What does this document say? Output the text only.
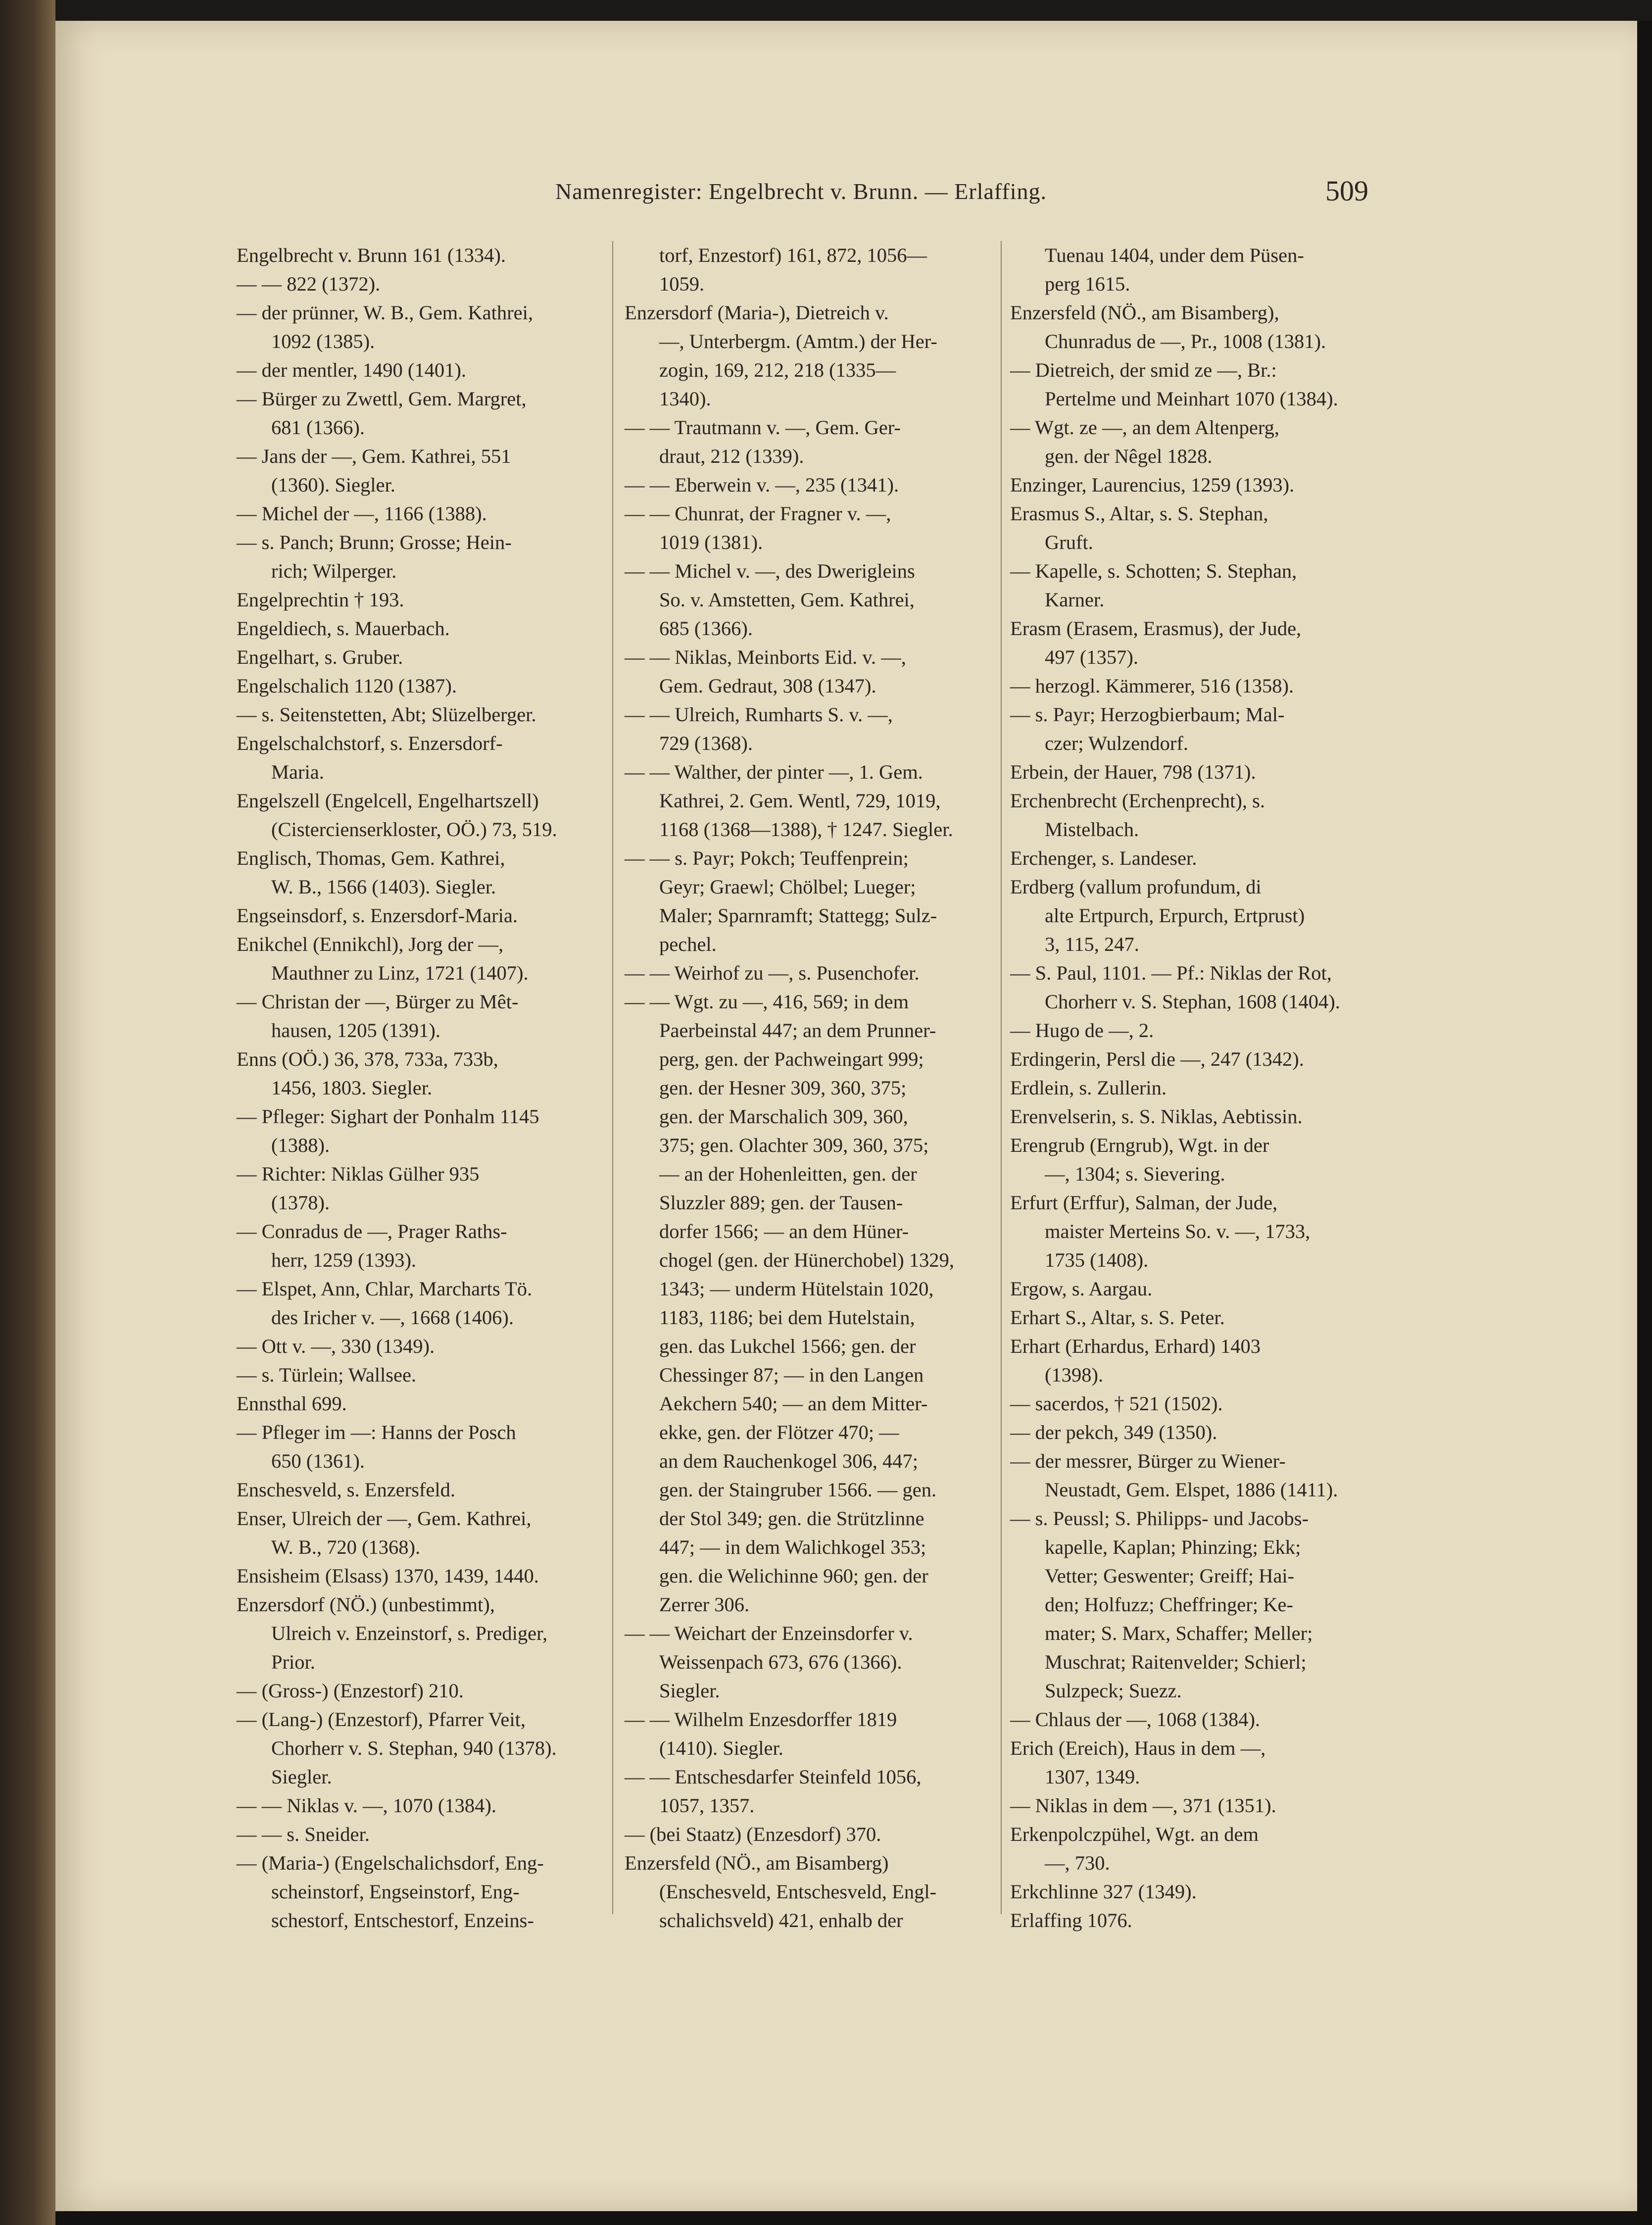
Namenregister: Engelbrecht v. Brunn. — Erlaffing.	509
Engelbrecht v. Brunn 161 (1334).
— — 822 (1372).
— der prünner, W. B., Gem. Kathrei,
1092 (1385).
— der mentler, 1490 (1401).
— Bürger zu Zwettl, Gem. Margret,
681 (1366).
— Jans der —, Gem. Kathrei, 551
(1360). Siegler.
— Michel der —, 1166 (1388).
— s. Panch; Brunn; Grosse; Hein-
rich; Wilperger.
Engelprechtin † 193.
Engeldiech, s. Mauerbach.
Engelhart, s. Gruber.
Engelschalich 1120 (1387).
— s. Seitenstetten, Abt; Slüzelberger.
Engelschalchstorf, s. Enzersdorf-
Maria.
Engelszell (Engelcell, Engelhartszell)
(Cistercienserkloster, OÖ.) 73, 519.
Englisch, Thomas, Gem. Kathrei,
W. B., 1566 (1403). Siegler.
Engseinsdorf, s. Enzersdorf-Maria.
Enikchel (Ennikchl), Jorg der —,
Mauthner zu Linz, 1721 (1407).
— Christan der —, Bürger zu Mêt-
hausen, 1205 (1391).
Enns (OÖ.) 36, 378, 733a, 733b,
1456, 1803. Siegler.
— Pfleger: Sighart der Ponhalm 1145
(1388).
— Richter: Niklas Gülher 935
(1378).
— Conradus de —, Prager Raths-
herr, 1259 (1393).
— Elspet, Ann, Chlar, Marcharts Tö.
des Iricher v. —, 1668 (1406).
— Ott v. —, 330 (1349).
— s. Türlein; Wallsee.
Ennsthal 699.
— Pfleger im —: Hanns der Posch
650 (1361).
Enschesveld, s. Enzersfeld.
Enser, Ulreich der —, Gem. Kathrei,
W. B., 720 (1368).
Ensisheim (Elsass) 1370, 1439, 1440.
Enzersdorf (NÖ.) (unbestimmt),
Ulreich v. Enzeinstorf, s. Prediger,
Prior.
— (Gross-) (Enzestorf) 210.
— (Lang-) (Enzestorf), Pfarrer Veit,
Chorherr v. S. Stephan, 940 (1378).
Siegler.
— — Niklas v. —, 1070 (1384).
— — s. Sneider.
— (Maria-) (Engelschalichsdorf, Eng-
scheinstorf, Engseinstorf, Eng-
schestorf, Entschestorf, Enzeins-
torf, Enzestorf) 161, 872, 1056—
1059.
Enzersdorf (Maria-), Dietreich v.
—, Unterbergm. (Amtm.) der Her-
zogin, 169, 212, 218 (1335—
1340).
— — Trautmann v. —, Gem. Ger-
draut, 212 (1339).
— — Eberwein v. —, 235 (1341).
— — Chunrat, der Fragner v. —,
1019 (1381).
— — Michel v. —, des Dwerigleins
So. v. Amstetten, Gem. Kathrei,
685 (1366).
— — Niklas, Meinborts Eid. v. —,
Gem. Gedraut, 308 (1347).
— — Ulreich, Rumharts S. v. —,
729 (1368).
— — Walther, der pinter —, 1. Gem.
Kathrei, 2. Gem. Wentl, 729, 1019,
1168 (1368—1388), † 1247. Siegler.
— — s. Payr; Pokch; Teuffenprein;
Geyr; Graewl; Chölbel; Lueger;
Maler; Sparnramft; Stattegg; Sulz-
pechel.
— — Weirhof zu —, s. Pusenchofer.
— — Wgt. zu —, 416, 569; in dem
Paerbeinstal 447; an dem Prunner-
perg, gen. der Pachweingart 999;
gen. der Hesner 309, 360, 375;
gen. der Marschalich 309, 360,
375; gen. Olachter 309, 360, 375;
— an der Hohenleitten, gen. der
Sluzzler 889; gen. der Tausen-
dorfer 1566; — an dem Hüner-
chogel (gen. der Hünerchobel) 1329,
1343; — underm Hütelstain 1020,
1183, 1186; bei dem Hutelstain,
gen. das Lukchel 1566; gen. der
Chessinger 87; — in den Langen
Aekchern 540; — an dem Mitter-
ekke, gen. der Flötzer 470; —
an dem Rauchenkogel 306, 447;
gen. der Staingruber 1566. — gen.
der Stol 349; gen. die Strützlinne
447; — in dem Walichkogel 353;
gen. die Welichinne 960; gen. der
Zerrer 306.
— — Weichart der Enzeinsdorfer v.
Weissenpach 673, 676 (1366).
Siegler.
— — Wilhelm Enzesdorffer 1819
(1410). Siegler.
— — Entschesdarfer Steinfeld 1056,
1057, 1357.
— (bei Staatz) (Enzesdorf) 370.
Enzersfeld (NÖ., am Bisamberg)
(Enschesveld, Entschesveld, Engl-
schalichsveld) 421, enhalb der
Tuenau 1404, under dem Püsen-
perg 1615.
Enzersfeld (NÖ., am Bisamberg),
Chunradus de —, Pr., 1008 (1381).
— Dietreich, der smid ze —, Br.:
Pertelme und Meinhart 1070 (1384).
— Wgt. ze —, an dem Altenperg,
gen. der Nêgel 1828.
Enzinger, Laurencius, 1259 (1393).
Erasmus S., Altar, s. S. Stephan,
Gruft.
— Kapelle, s. Schotten; S. Stephan,
Karner.
Erasm (Erasem, Erasmus), der Jude,
497 (1357).
— herzogl. Kämmerer, 516 (1358).
— s. Payr; Herzogbierbaum; Mal-
czer; Wulzendorf.
Erbein, der Hauer, 798 (1371).
Erchenbrecht (Erchenprecht), s.
Mistelbach.
Erchenger, s. Landeser.
Erdberg (vallum profundum, di
alte Ertpurch, Erpurch, Ertprust)
3, 115, 247.
— S. Paul, 1101. — Pf.: Niklas der Rot,
Chorherr v. S. Stephan, 1608 (1404).
— Hugo de —, 2.
Erdingerin, Persl die —, 247 (1342).
Erdlein, s. Zullerin.
Erenvelserin, s. S. Niklas, Aebtissin.
Erengrub (Erngrub), Wgt. in der
—, 1304; s. Sievering.
Erfurt (Erffur), Salman, der Jude,
maister Merteins So. v. —, 1733,
1735 (1408).
Ergow, s. Aargau.
Erhart S., Altar, s. S. Peter.
Erhart (Erhardus, Erhard) 1403
(1398).
— sacerdos, † 521 (1502).
— der pekch, 349 (1350).
— der messrer, Bürger zu Wiener-
Neustadt, Gem. Elspet, 1886 (1411).
— s. Peussl; S. Philipps- und Jacobs-
kapelle, Kaplan; Phinzing; Ekk;
Vetter; Geswenter; Greiff; Hai-
den; Holfuzz; Cheffringer; Ke-
mater; S. Marx, Schaffer; Meller;
Muschrat; Raitenvelder; Schierl;
Sulzpeck; Suezz.
— Chlaus der —, 1068 (1384).
Erich (Ereich), Haus in dem —,
1307, 1349.
— Niklas in dem —, 371 (1351).
Erkenpolczpühel, Wgt. an dem
—, 730.
Erkchlinne 327 (1349).
Erlaffing 1076.
